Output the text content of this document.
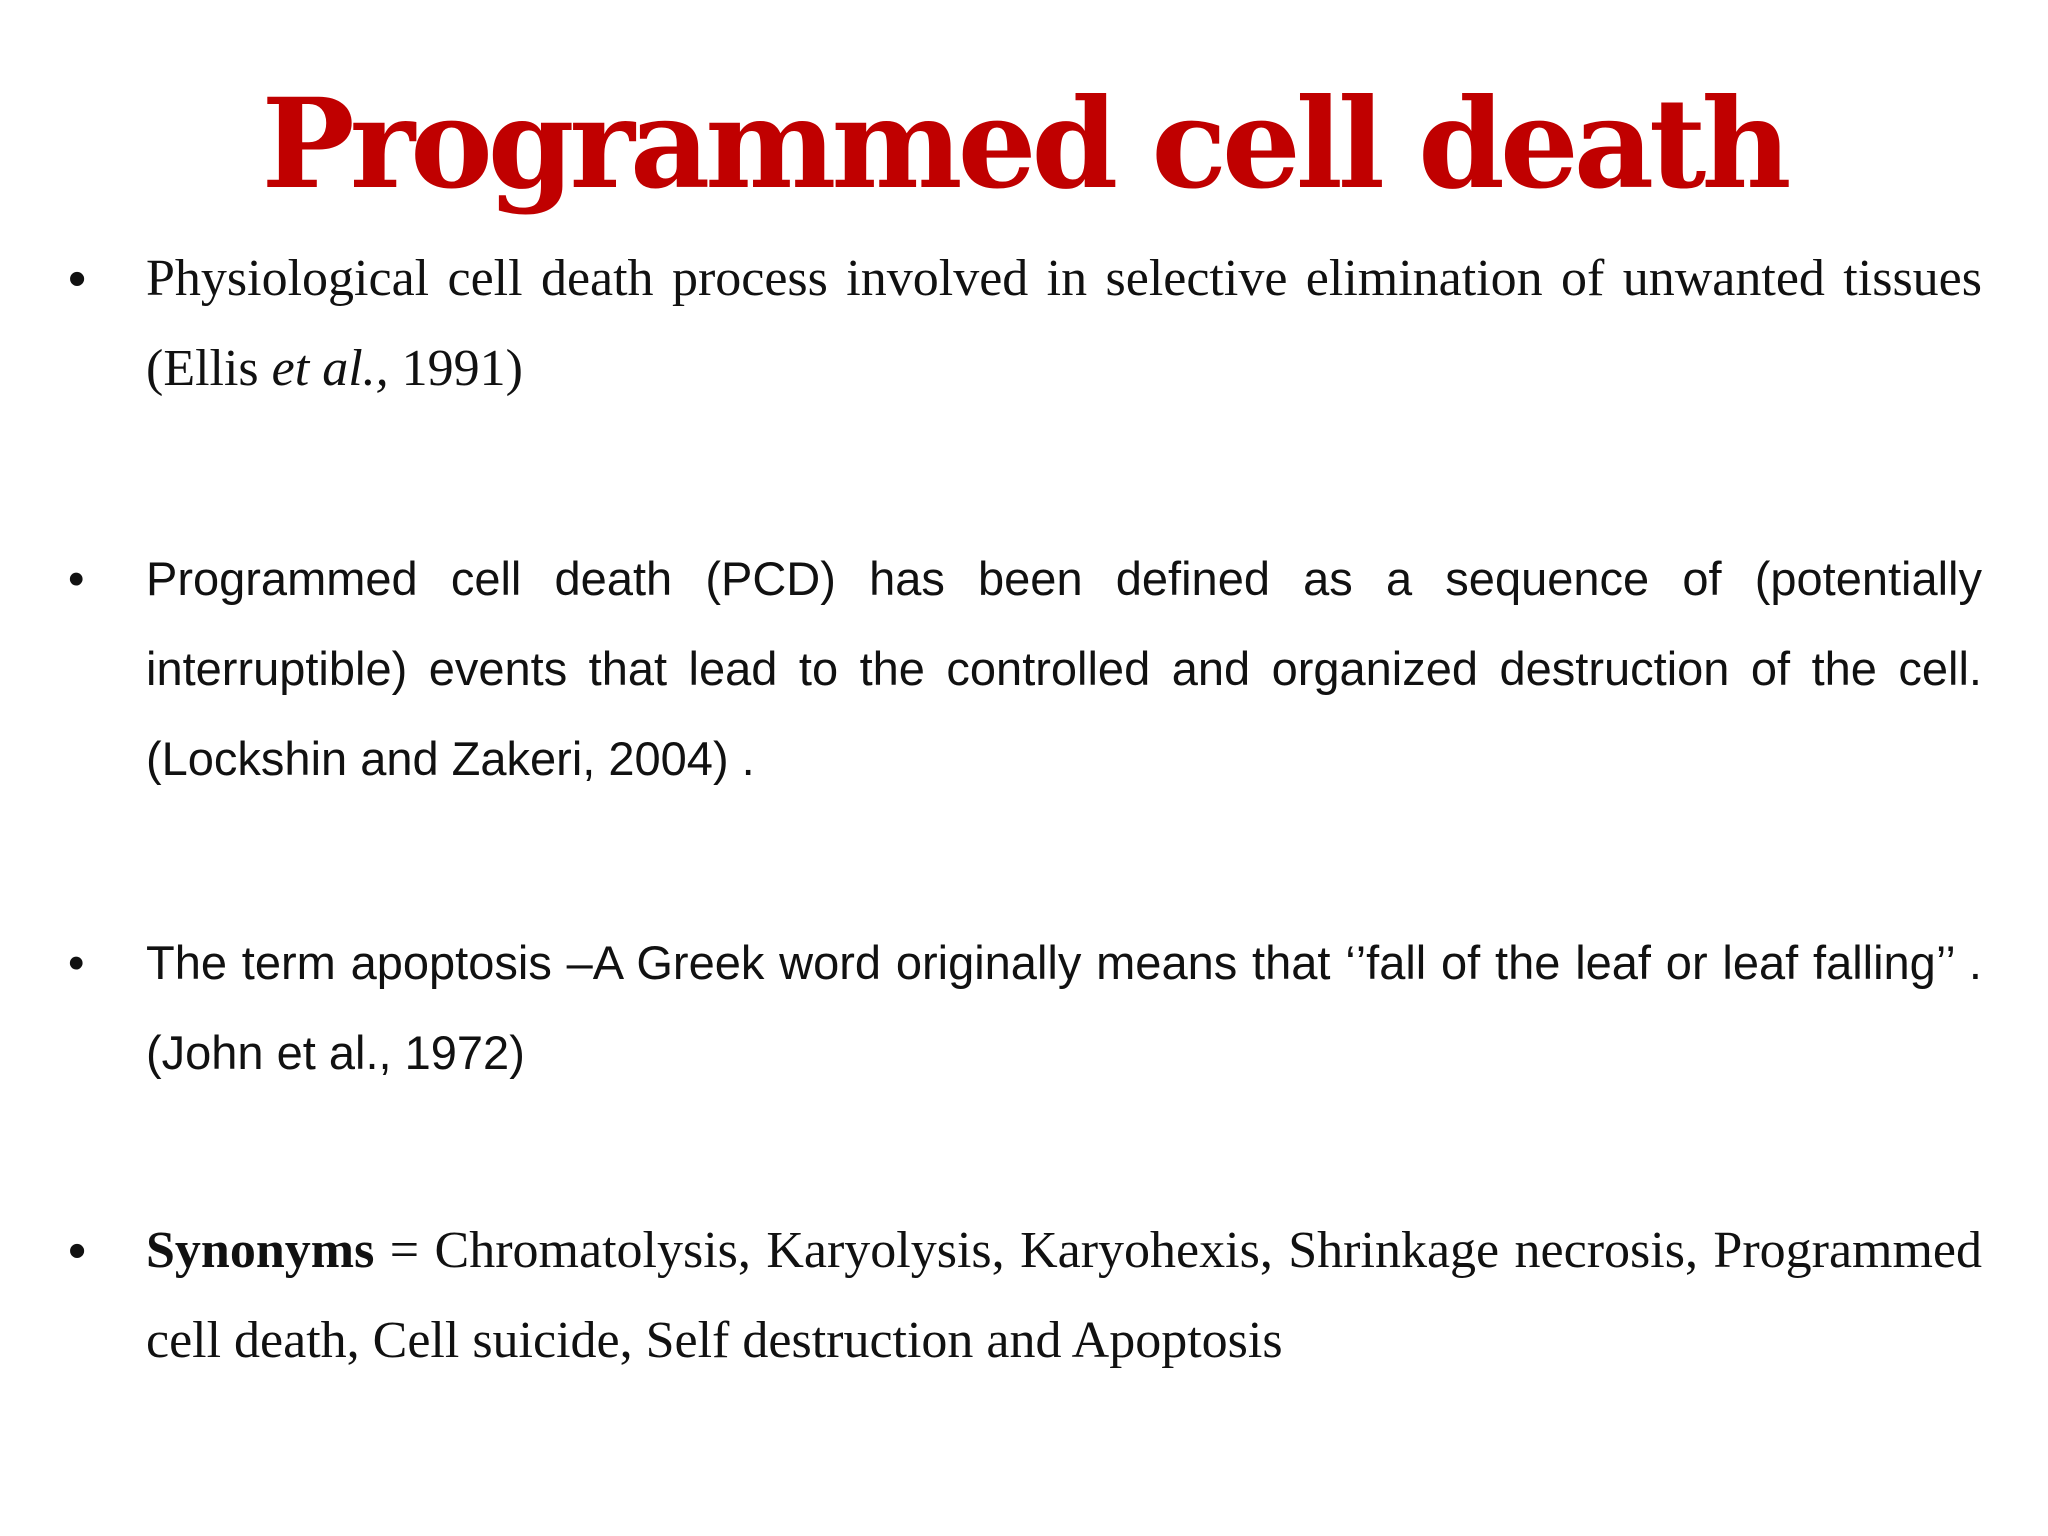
Programmed cell death
• Physiological cell death process involved in selective elimination of unwanted tissues (Ellis et al., 1991)
• Programmed cell death (PCD) has been defined as a sequence of (potentially interruptible) events that lead to the controlled and organized destruction of the cell. (Lockshin and Zakeri, 2004) .
• The term apoptosis –A Greek word originally means that ‘’fall of the leaf or leaf falling’’ . (John et al., 1972)
• Synonyms = Chromatolysis, Karyolysis, Karyohexis, Shrinkage necrosis, Programmed cell death, Cell suicide, Self destruction and Apoptosis
